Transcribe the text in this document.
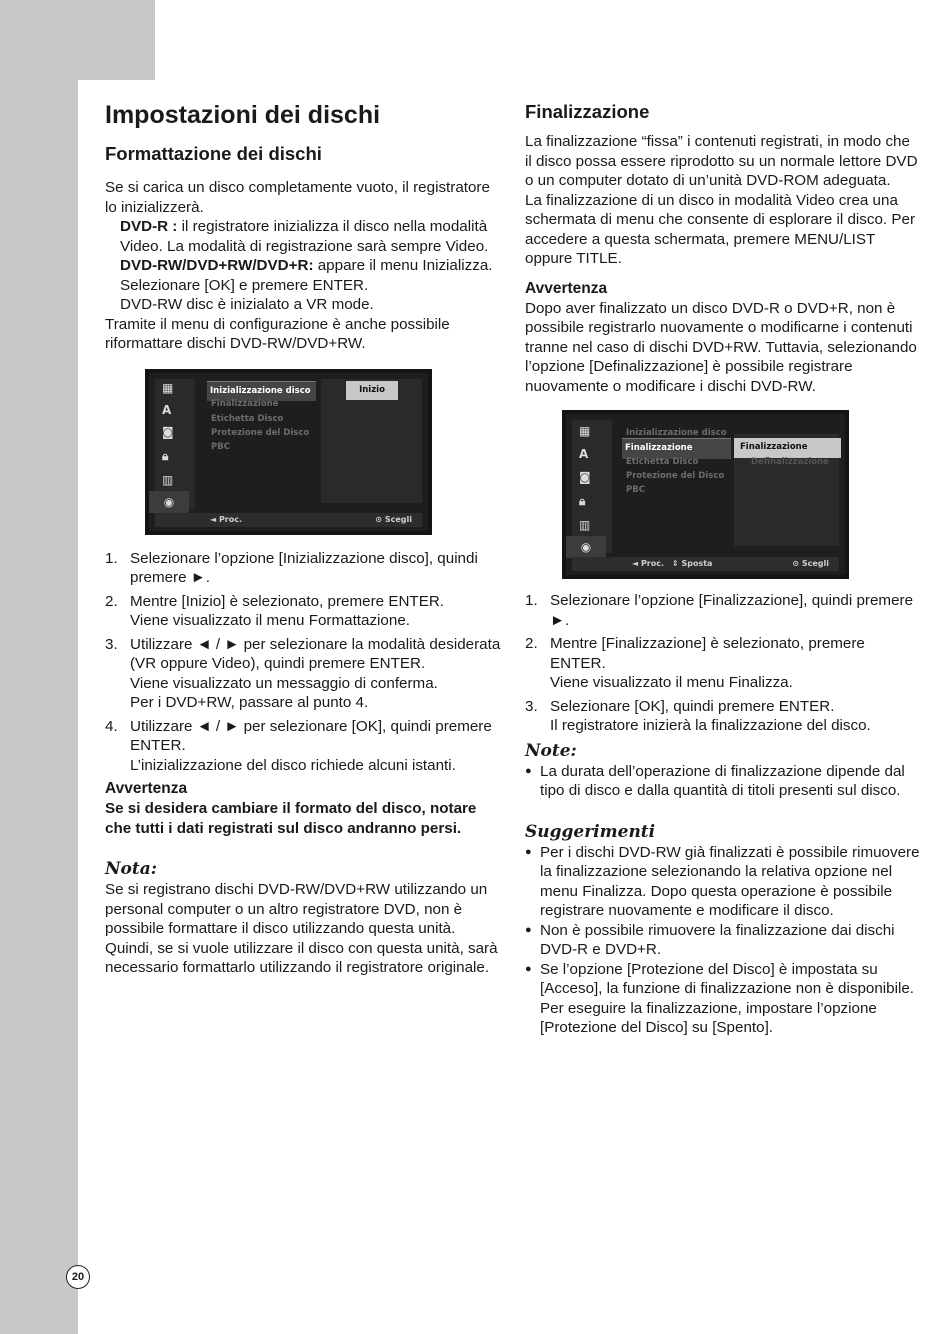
20
Impostazioni dei dischi
Formattazione dei dischi

Se si carica un disco completamente vuoto, il registratore lo inizializzerà.

DVD-R : il registratore inizializza il disco nella modalità Video. La modalità di registrazione sarà sempre Video.

DVD-RW/DVD+RW/DVD+R: appare il menu Inizializza. Selezionare [OK] e premere ENTER.

DVD-RW disc è inizialato a VR mode.

Tramite il menu di configurazione è anche possibile riformattare dischi DVD-RW/DVD+RW.

▦
A
◙
🔒︎
▥
◉
Inizializzazione disco
Finalizzazione
Etichetta Disco
Protezione del Disco
PBC
Inizio
◄ Proc.	⊙ Scegli
1. Selezionare l’opzione [Inizializzazione disco], quindi premere ►.
2. Mentre [Inizio] è selezionato, premere ENTER.
Viene visualizzato il menu Formattazione.
3. Utilizzare ◄ / ► per selezionare la modalità desiderata (VR oppure Video), quindi premere ENTER.
Viene visualizzato un messaggio di conferma.
Per i DVD+RW, passare al punto 4.
4. Utilizzare ◄ / ► per selezionare [OK], quindi premere ENTER.
L’inizializzazione del disco richiede alcuni istanti.
Avvertenza

Se si desidera cambiare il formato del disco, notare che tutti i dati registrati sul disco andranno persi.

Nota:

Se si registrano dischi DVD-RW/DVD+RW utilizzando un personal computer o un altro registratore DVD, non è possibile formattare il disco utilizzando questa unità. Quindi, se si vuole utilizzare il disco con questa unità, sarà necessario formattarlo utilizzando il registratore originale.

Finalizzazione

La finalizzazione “fissa” i contenuti registrati, in modo che il disco possa essere riprodotto su un normale lettore DVD o un computer dotato di un’unità DVD-ROM adeguata.

La finalizzazione di un disco in modalità Video crea una schermata di menu che consente di esplorare il disco. Per accedere a questa schermata, premere MENU/LIST oppure TITLE.

Avvertenza

Dopo aver finalizzato un disco DVD-R o DVD+R, non è possibile registrarlo nuovamente o modificarne i contenuti tranne nel caso di dischi DVD+RW. Tuttavia, selezionando l’opzione [Definalizzazione] è possibile registrare nuovamente o modificare i dischi DVD-RW.

▦
A
◙
🔒︎
▥
◉
Inizializzazione disco
Finalizzazione
Etichetta Disco
Protezione del Disco
PBC
Finalizzazione
Definalizzazione
◄ Proc. ⇕ Sposta	⊙ Scegli
1. Selezionare l’opzione [Finalizzazione], quindi premere ►.
2. Mentre [Finalizzazione] è selezionato, premere ENTER.
Viene visualizzato il menu Finalizza.
3. Selezionare [OK], quindi premere ENTER.
Il registratore inizierà la finalizzazione del disco.

Note:

● La durata dell’operazione di finalizzazione dipende dal tipo di disco e dalla quantità di titoli presenti sul disco.

Suggerimenti

● Per i dischi DVD-RW già finalizzati è possibile rimuovere la finalizzazione selezionando la relativa opzione nel menu Finalizza. Dopo questa operazione è possibile registrare nuovamente e modificare il disco.
● Non è possibile rimuovere la finalizzazione dai dischi DVD-R e DVD+R.
● Se l’opzione [Protezione del Disco] è impostata su [Acceso], la funzione di finalizzazione non è disponibile. Per eseguire la finalizzazione, impostare l’opzione [Protezione del Disco] su [Spento].
